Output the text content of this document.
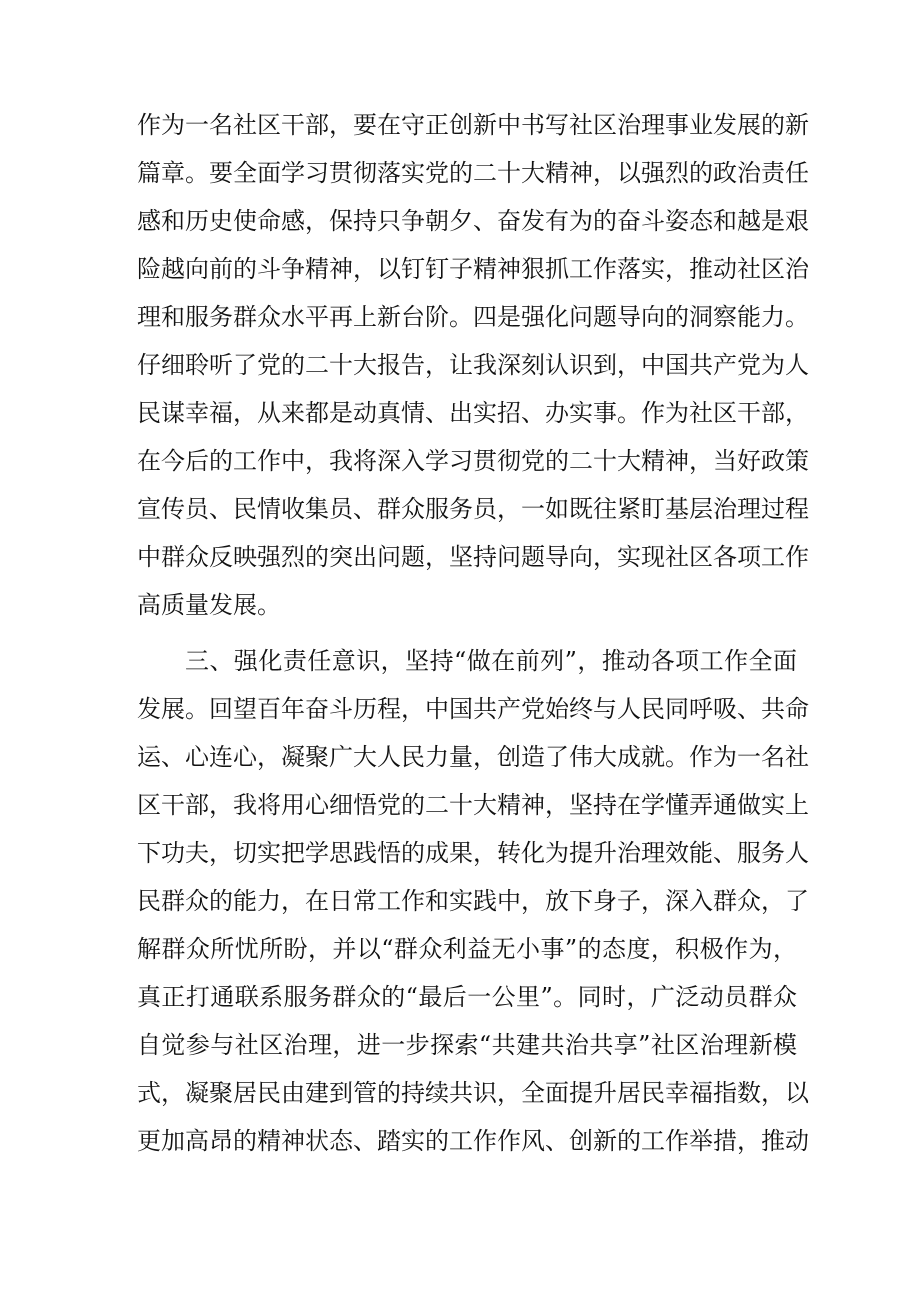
作为一名社区干部，要在守正创新中书写社区治理事业发展的新
篇章。要全面学习贯彻落实党的二十大精神，以强烈的政治责任
感和历史使命感，保持只争朝夕、奋发有为的奋斗姿态和越是艰
险越向前的斗争精神，以钉钉子精神狠抓工作落实，推动社区治
理和服务群众水平再上新台阶。四是强化问题导向的洞察能力。
仔细聆听了党的二十大报告，让我深刻认识到，中国共产党为人
民谋幸福，从来都是动真情、出实招、办实事。作为社区干部，
在今后的工作中，我将深入学习贯彻党的二十大精神，当好政策
宣传员、民情收集员、群众服务员，一如既往紧盯基层治理过程
中群众反映强烈的突出问题，坚持问题导向，实现社区各项工作
高质量发展。
三、强化责任意识，坚持“做在前列”，推动各项工作全面
发展。回望百年奋斗历程，中国共产党始终与人民同呼吸、共命
运、心连心，凝聚广大人民力量，创造了伟大成就。作为一名社
区干部，我将用心细悟党的二十大精神，坚持在学懂弄通做实上
下功夫，切实把学思践悟的成果，转化为提升治理效能、服务人
民群众的能力，在日常工作和实践中，放下身子，深入群众，了
解群众所忧所盼，并以“群众利益无小事”的态度，积极作为，
真正打通联系服务群众的“最后一公里”。同时，广泛动员群众
自觉参与社区治理，进一步探索“共建共治共享”社区治理新模
式，凝聚居民由建到管的持续共识，全面提升居民幸福指数，以
更加高昂的精神状态、踏实的工作作风、创新的工作举措，推动
